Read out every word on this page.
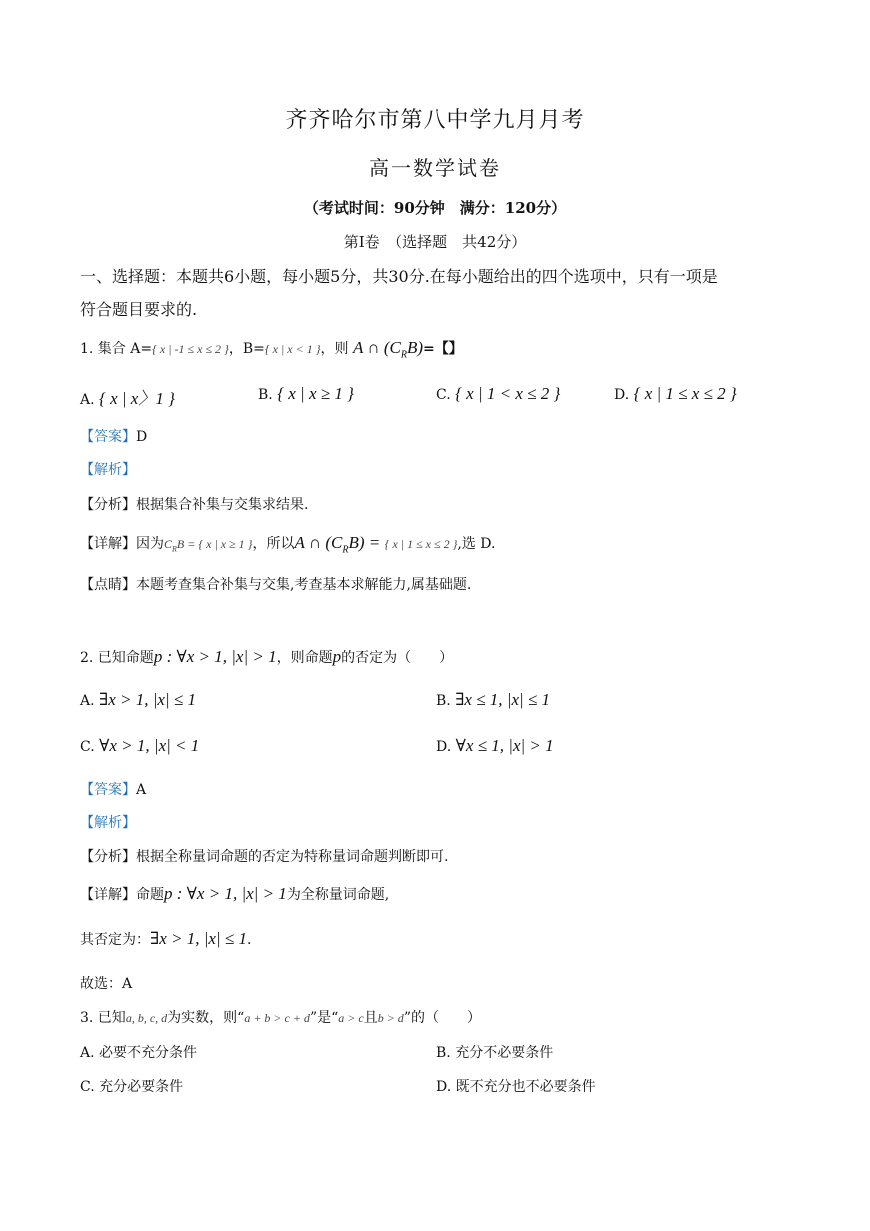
齐齐哈尔市第八中学九月月考
高一数学试卷
（考试时间：90分钟　满分：120分）
第Ⅰ卷　（选择题　共42分）
一、选择题：本题共6小题，每小题5分，共30分.在每小题给出的四个选项中，只有一项是
符合题目要求的.
1. 集合 A={ x | -1 ≤ x ≤ 2 }，B={ x | x < 1 }，则 A ∩ $(C_RB)=$【】
A. { x | x〉1 }	B. { x | x ≥ 1 }	C. { x | 1 < x ≤ 2 }	D. { x | 1 ≤ x ≤ 2 }
【答案】D
【解析】
【分析】根据集合补集与交集求结果.
【详解】因为$C_RB$ = { x | x ≥ 1 }，所以A ∩ $(C_RB)$ = { x | 1 ≤ x ≤ 2 },选 D.
【点睛】本题考查集合补集与交集,考查基本求解能力,属基础题.
2. 已知命题p : ∀x > 1, |x| > 1，则命题p的否定为（　　）
A. ∃x > 1, |x| ≤ 1	B. ∃x ≤ 1, |x| ≤ 1
C. ∀x > 1, |x| < 1	D. ∀x ≤ 1, |x| > 1
【答案】A
【解析】
【分析】根据全称量词命题的否定为特称量词命题判断即可.
【详解】命题p : ∀x > 1, |x| > 1为全称量词命题,
其否定为：∃x > 1, |x| ≤ 1.
故选：A
3. 已知a, b, c, d为实数，则“a + b > c + d”是“a > c且b > d”的（　　）
A. 必要不充分条件	B. 充分不必要条件
C. 充分必要条件	D. 既不充分也不必要条件
